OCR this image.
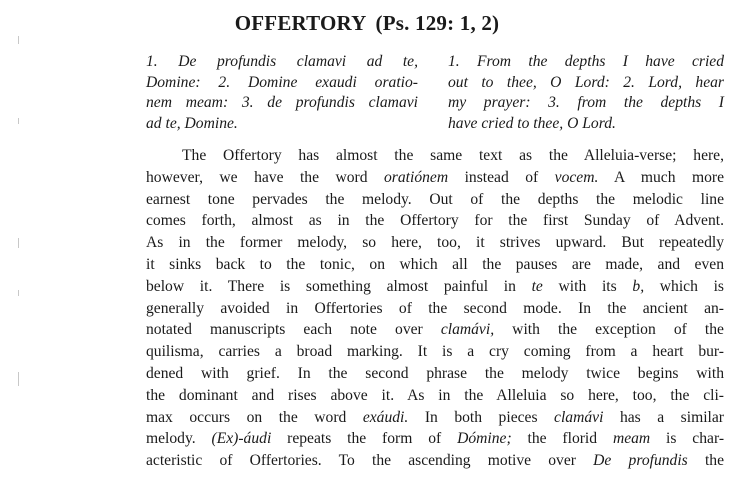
OFFERTORY (Ps. 129: 1, 2)
1. De profundis clamavi ad te,
Domine: 2. Domine exaudi oratio-
nem meam: 3. de profundis clamavi
ad te, Domine.
1. From the depths I have cried
out to thee, O Lord: 2. Lord, hear
my prayer: 3. from the depths I
have cried to thee, O Lord.
The Offertory has almost the same text as the Alleluia-verse; here,
however, we have the word oratiónem instead of vocem. A much more
earnest tone pervades the melody. Out of the depths the melodic line
comes forth, almost as in the Offertory for the first Sunday of Advent.
As in the former melody, so here, too, it strives upward. But repeatedly
it sinks back to the tonic, on which all the pauses are made, and even
below it. There is something almost painful in te with its b, which is
generally avoided in Offertories of the second mode. In the ancient an-
notated manuscripts each note over clamávi, with the exception of the
quilisma, carries a broad marking. It is a cry coming from a heart bur-
dened with grief. In the second phrase the melody twice begins with
the dominant and rises above it. As in the Alleluia so here, too, the cli-
max occurs on the word exáudi. In both pieces clamávi has a similar
melody. (Ex)-áudi repeats the form of Dómine; the florid meam is char-
acteristic of Offertories. To the ascending motive over De profundis the
